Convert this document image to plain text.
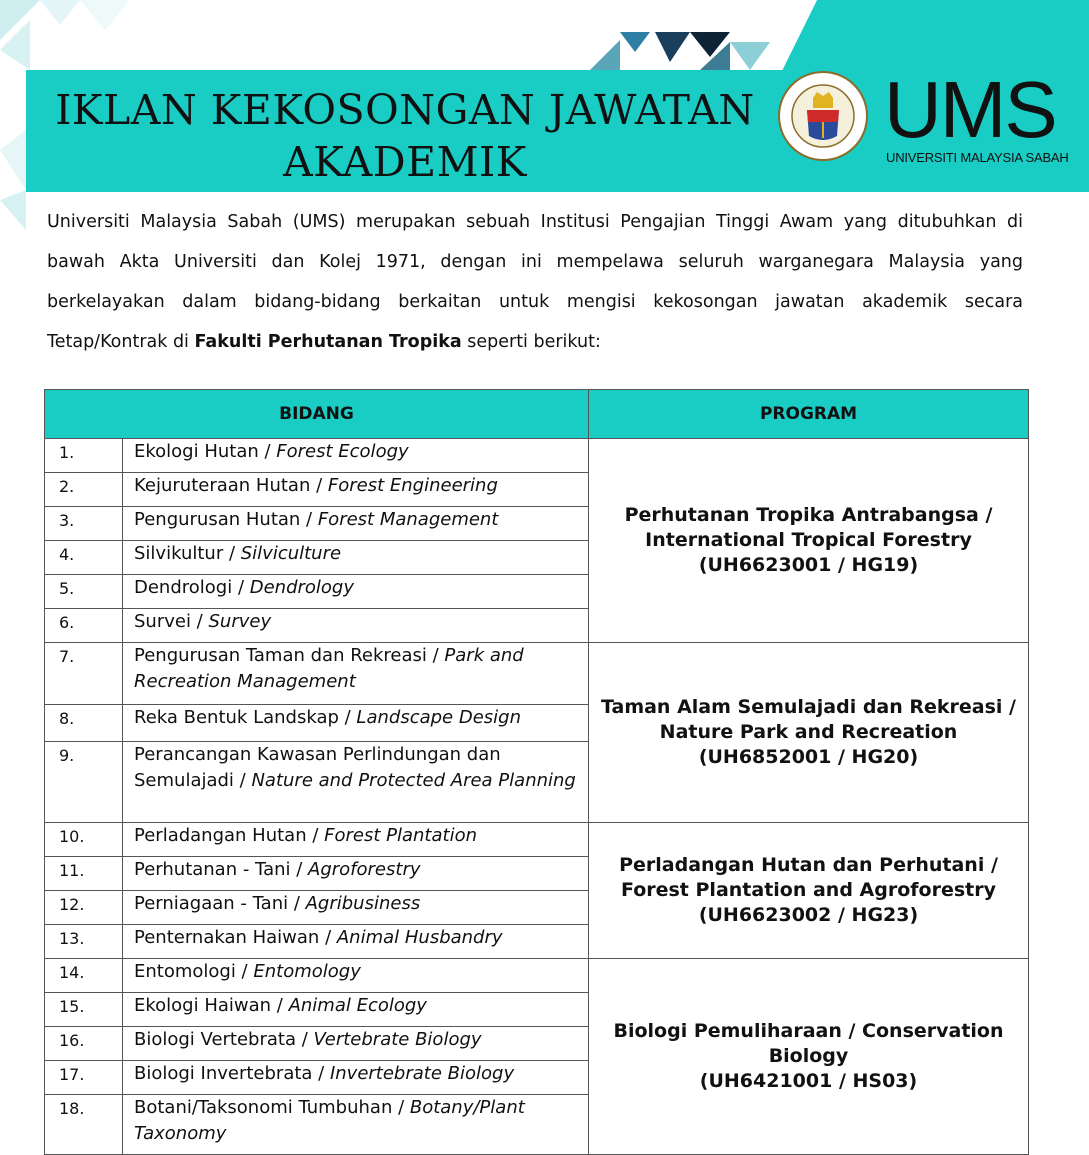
IKLAN KEKOSONGAN JAWATAN
AKADEMIK
UMS
UNIVERSITI MALAYSIA SABAH
Universiti Malaysia Sabah (UMS) merupakan sebuah Institusi Pengajian Tinggi Awam yang ditubuhkan di bawah Akta Universiti dan Kolej 1971, dengan ini mempelawa seluruh warganegara Malaysia yang berkelayakan dalam bidang-bidang berkaitan untuk mengisi kekosongan jawatan akademik secara Tetap/Kontrak di Fakulti Perhutanan Tropika seperti berikut:
BIDANG		PROGRAM
1.	Ekologi Hutan / Forest Ecology	Perhutanan Tropika Antrabangsa /
International Tropical Forestry
(UH6623001 / HG19)

2.	Kejuruteraan Hutan / Forest Engineering	
3.	Pengurusan Hutan / Forest Management	
4.	Silvikultur / Silviculture	
5.	Dendrologi / Dendrology	
6.	Survei / Survey	
7.	Pengurusan Taman dan Rekreasi / Park and Recreation Management	Taman Alam Semulajadi dan Rekreasi /
Nature Park and Recreation
(UH6852001 / HG20)

8.	Reka Bentuk Landskap / Landscape Design	
9.	Perancangan Kawasan Perlindungan dan Semulajadi / Nature and Protected Area Planning	
10.	Perladangan Hutan / Forest Plantation	Perladangan Hutan dan Perhutani /
Forest Plantation and Agroforestry
(UH6623002 / HG23)

11.	Perhutanan - Tani / Agroforestry	
12.	Perniagaan - Tani / Agribusiness	
13.	Penternakan Haiwan / Animal Husbandry	
14.	Entomologi / Entomology	Biologi Pemuliharaan / Conservation
Biology
(UH6421001 / HS03)

15.	Ekologi Haiwan / Animal Ecology	
16.	Biologi Vertebrata / Vertebrate Biology	
17.	Biologi Invertebrata / Invertebrate Biology	
18.	Botani/Taksonomi Tumbuhan / Botany/Plant Taxonomy	
